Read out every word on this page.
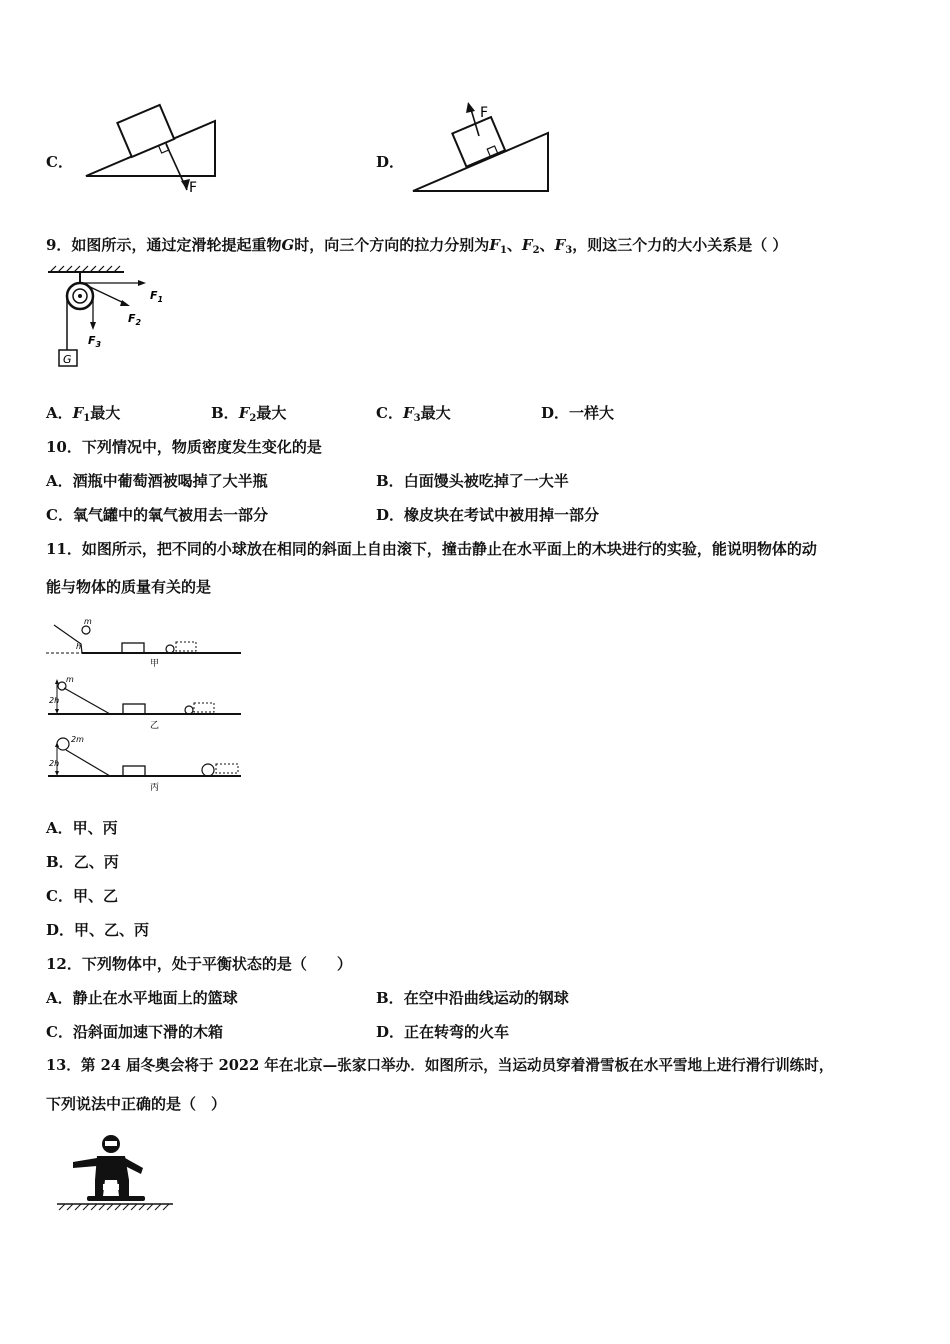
C．
F
D．
F
9．如图所示，通过定滑轮提起重物G时，向三个方向的拉力分别为$F_1$、$F_2$、$F_3$，则这三个力的大小关系是（ ）
G
$F_1$
$F_2$
$F_3$
A．$F_1$最大	B．$F_2$最大	C．$F_3$最大	D．一样大
10．下列情况中，物质密度发生变化的是
A．酒瓶中葡萄酒被喝掉了大半瓶	B．白面馒头被吃掉了一大半
C．氧气罐中的氧气被用去一部分	D．橡皮块在考试中被用掉一部分
11．如图所示，把不同的小球放在相同的斜面上自由滚下，撞击静止在水平面上的木块进行的实验，能说明物体的动
能与物体的质量有关的是
m
h
甲
m
2h
乙
2m
2h
丙
A．甲、丙
B．乙、丙
C．甲、乙
D．甲、乙、丙
12．下列物体中，处于平衡状态的是（　　）
A．静止在水平地面上的篮球	B．在空中沿曲线运动的钢球
C．沿斜面加速下滑的木箱	D．正在转弯的火车
13．第 24 届冬奥会将于 2022 年在北京—张家口举办．如图所示，当运动员穿着滑雪板在水平雪地上进行滑行训练时，
下列说法中正确的是（　）
